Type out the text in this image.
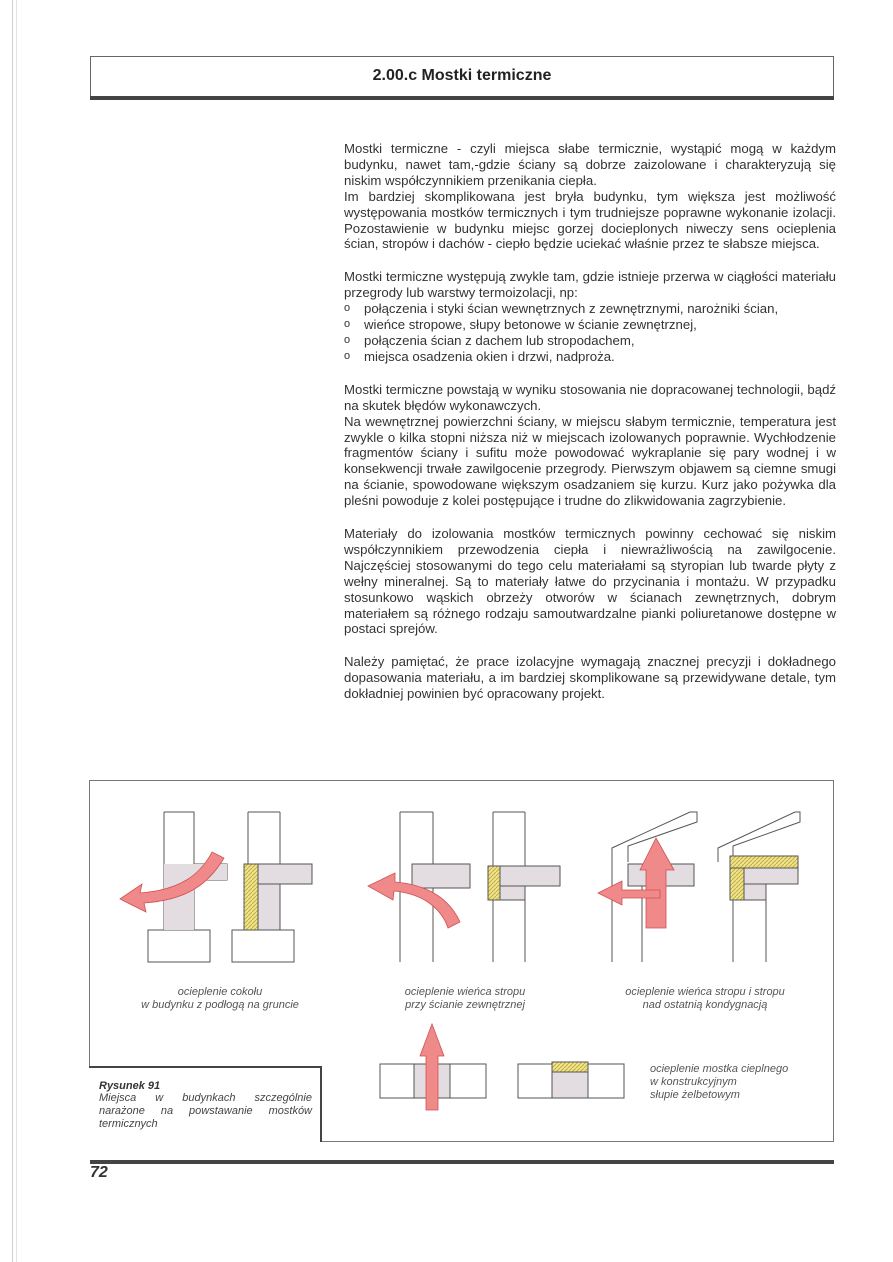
2.00.c Mostki termiczne

Mostki termiczne - czyli miejsca słabe termicznie, wystąpić mogą w każdym budynku, nawet tam,-gdzie ściany są dobrze zaizolowane i charakteryzują się niskim współczynnikiem przenikania ciepła.

Im bardziej skomplikowana jest bryła budynku, tym większa jest możliwość występowania mostków termicznych i tym trudniejsze poprawne wykonanie izolacji. Pozostawienie w budynku miejsc gorzej docieplonych niweczy sens ocieplenia ścian, stropów i dachów - ciepło będzie uciekać właśnie przez te słabsze miejsca.

Mostki termiczne występują zwykle tam, gdzie istnieje przerwa w ciągłości materiału przegrody lub warstwy termoizolacji, np:

o połączenia i styki ścian wewnętrznych z zewnętrznymi, narożniki ścian,
o wieńce stropowe, słupy betonowe w ścianie zewnętrznej,
o połączenia ścian z dachem lub stropodachem,
o miejsca osadzenia okien i drzwi, nadproża.

Mostki termiczne powstają w wyniku stosowania nie dopracowanej technologii, bądź na skutek błędów wykonawczych.

Na wewnętrznej powierzchni ściany, w miejscu słabym termicznie, temperatura jest zwykle o kilka stopni niższa niż w miejscach izolowanych poprawnie. Wychłodzenie fragmentów ściany i sufitu może powodować wykraplanie się pary wodnej i w konsekwencji trwałe zawilgocenie przegrody. Pierwszym objawem są ciemne smugi na ścianie, spowodowane większym osadzaniem się kurzu. Kurz jako pożywka dla pleśni powoduje z kolei postępujące i trudne do zlikwidowania zagrzybienie.

Materiały do izolowania mostków termicznych powinny cechować się niskim współczynnikiem przewodzenia ciepła i niewrażliwością na zawilgocenie. Najczęściej stosowanymi do tego celu materiałami są styropian lub twarde płyty z wełny mineralnej. Są to materiały łatwe do przycinania i montażu. W przypadku stosunkowo wąskich obrzeży otworów w ścianach zewnętrznych, dobrym materiałem są różnego rodzaju samoutwardzalne pianki poliuretanowe dostępne w postaci sprejów.

Należy pamiętać, że prace izolacyjne wymagają znacznej precyzji i dokładnego dopasowania materiału, a im bardziej skomplikowane są przewidywane detale, tym dokładniej powinien być opracowany projekt.

ocieplenie cokołu
w budynku z podłogą na gruncie
ocieplenie wieńca stropu
przy ścianie zewnętrznej
ocieplenie wieńca stropu i stropu
nad ostatnią kondygnacją
ocieplenie mostka cieplnego
w konstrukcyjnym
słupie żelbetowym
Rysunek 91
Miejsca w budynkach szczególnie narażone na powstawanie mostków termicznych
72
